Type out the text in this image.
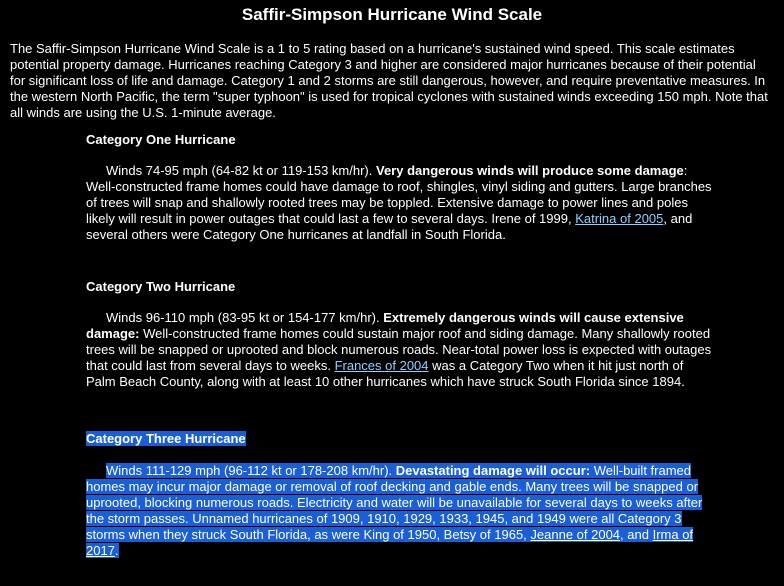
Saffir-Simpson Hurricane Wind Scale

The Saffir-Simpson Hurricane Wind Scale is a 1 to 5 rating based on a hurricane's sustained wind speed. This scale estimates potential property damage. Hurricanes reaching Category 3 and higher are considered major hurricanes because of their potential for significant loss of life and damage. Category 1 and 2 storms are still dangerous, however, and require preventative measures. In the western North Pacific, the term "super typhoon" is used for tropical cyclones with sustained winds exceeding 150 mph. Note that all winds are using the U.S. 1-minute average.

Category One Hurricane

Winds 74-95 mph (64-82 kt or 119-153 km/hr). Very dangerous winds will produce some damage: Well-constructed frame homes could have damage to roof, shingles, vinyl siding and gutters. Large branches of trees will snap and shallowly rooted trees may be toppled. Extensive damage to power lines and poles likely will result in power outages that could last a few to several days. Irene of 1999, Katrina of 2005, and several others were Category One hurricanes at landfall in South Florida.

Category Two Hurricane

Winds 96-110 mph (83-95 kt or 154-177 km/hr). Extremely dangerous winds will cause extensive damage: Well-constructed frame homes could sustain major roof and siding damage. Many shallowly rooted trees will be snapped or uprooted and block numerous roads. Near-total power loss is expected with outages that could last from several days to weeks. Frances of 2004 was a Category Two when it hit just north of Palm Beach County, along with at least 10 other hurricanes which have struck South Florida since 1894.

Category Three Hurricane

Winds 111-129 mph (96-112 kt or 178-208 km/hr). Devastating damage will occur: Well-built framed homes may incur major damage or removal of roof decking and gable ends. Many trees will be snapped or uprooted, blocking numerous roads. Electricity and water will be unavailable for several days to weeks after the storm passes. Unnamed hurricanes of 1909, 1910, 1929, 1933, 1945, and 1949 were all Category 3 storms when they struck South Florida, as were King of 1950, Betsy of 1965, Jeanne of 2004, and Irma of 2017.
